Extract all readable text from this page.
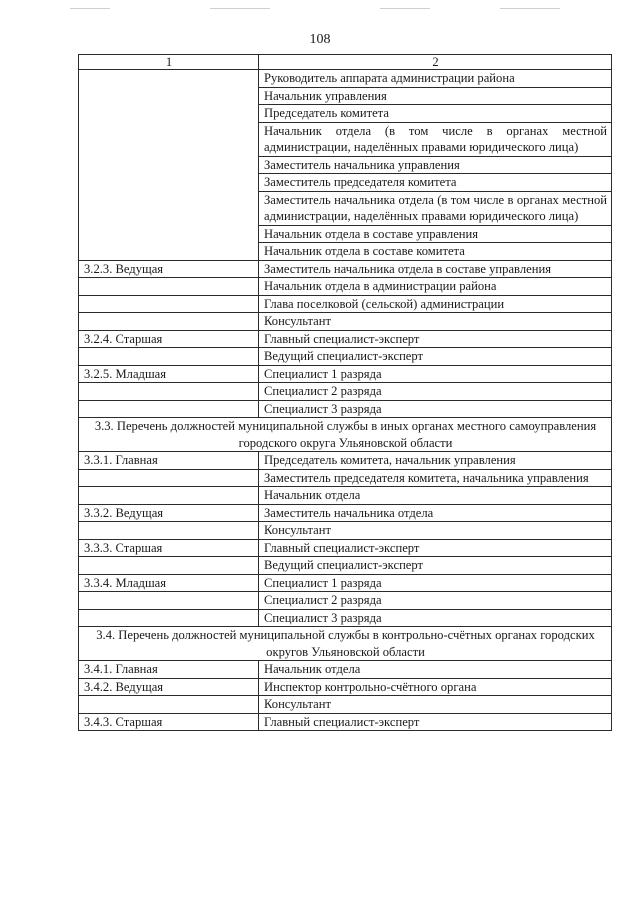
108
1	2
	Руководитель аппарата администрации района
	Начальник управления
	Председатель комитета
	Начальник отдела (в том числе в органах местной администрации, наделённых правами юридического лица)
	Заместитель начальника управления
	Заместитель председателя комитета
	Заместитель начальника отдела (в том числе в органах местной администрации, наделённых правами юридического лица)
	Начальник отдела в составе управления
	Начальник отдела в составе комитета
3.2.3. Ведущая	Заместитель начальника отдела в составе управления
	Начальник отдела в администрации района
	Глава поселковой (сельской) администрации
	Консультант
3.2.4. Старшая	Главный специалист-эксперт
	Ведущий специалист-эксперт
3.2.5. Младшая	Специалист 1 разряда
	Специалист 2 разряда
	Специалист 3 разряда
3.3. Перечень должностей муниципальной службы в иных органах местного самоуправления городского округа Ульяновской области	
3.3.1. Главная	Председатель комитета, начальник управления
	Заместитель председателя комитета, начальника управления
	Начальник отдела
3.3.2. Ведущая	Заместитель начальника отдела
	Консультант
3.3.3. Старшая	Главный специалист-эксперт
	Ведущий специалист-эксперт
3.3.4. Младшая	Специалист 1 разряда
	Специалист 2 разряда
	Специалист 3 разряда
3.4. Перечень должностей муниципальной службы в контрольно-счётных органах городских округов Ульяновской области	
3.4.1. Главная	Начальник отдела
3.4.2. Ведущая	Инспектор контрольно-счётного органа
	Консультант
3.4.3. Старшая	Главный специалист-эксперт
